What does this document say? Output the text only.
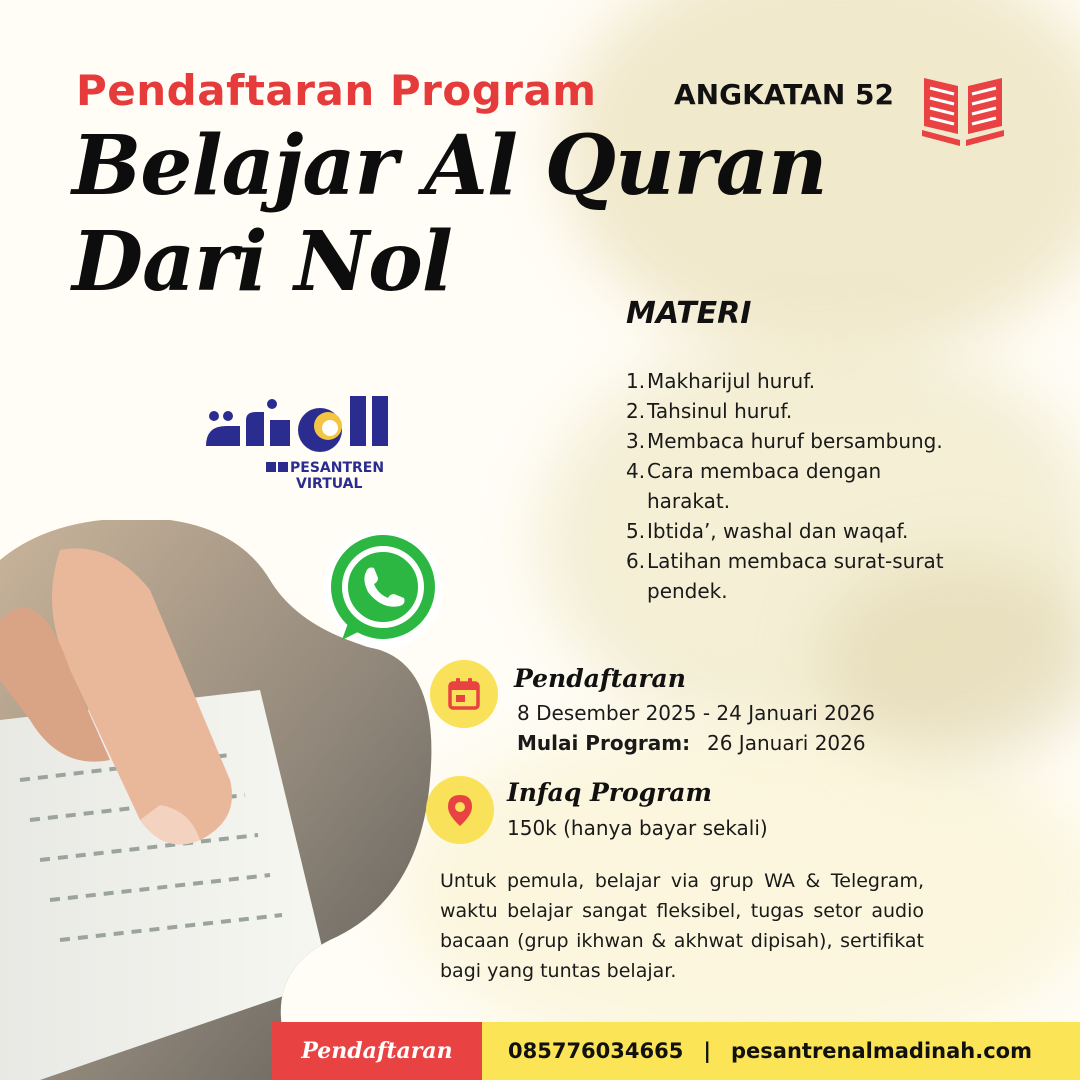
Pendaftaran Program	ANGKATAN 52
Belajar Al Quran
Dari Nol
PESANTREN
VIRTUAL
MATERI
1. Makharijul huruf.
2. Tahsinul huruf.
3. Membaca huruf bersambung.
4. Cara membaca dengan harakat.
5. Ibtida’, washal dan waqaf.
6. Latihan membaca surat-surat pendek.
Pendaftaran
8 Desember 2025 - 24 Januari 2026
Mulai Program: 26 Januari 2026
Infaq Program
150k (hanya bayar sekali)
Untuk pemula, belajar via grup WA & Telegram, waktu belajar sangat fleksibel, tugas setor audio bacaan (grup ikhwan & akhwat dipisah), sertifikat bagi yang tuntas belajar.
Pendaftaran	085776034665 | pesantrenalmadinah.com
